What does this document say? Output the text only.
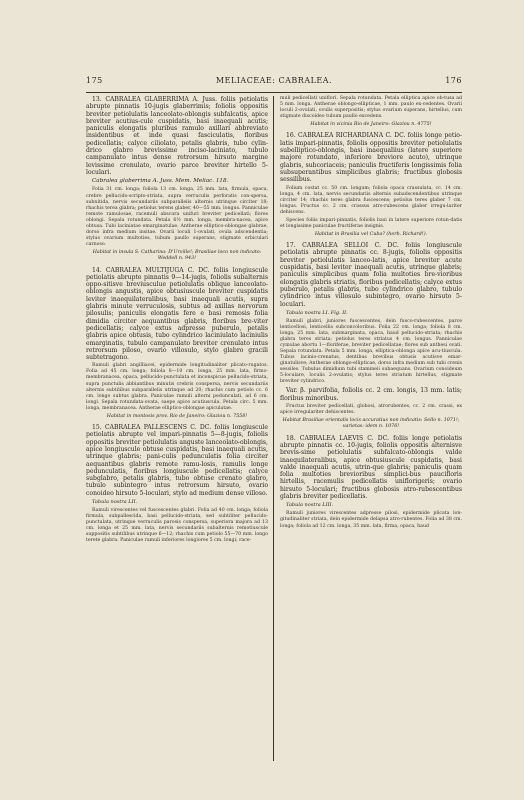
175	MELIACEAE: CABRALEA.	176

13. CABRALEA GLABERRIMA A. Juss. foliis petiolatis abrupte pinnatis 10-jugis glaberrimis; foliolis oppositis breviter petiolulatis lanceolato-oblongis subfalcatis, apice breviter acutius-cule cuspidatis, basi inaequali acutis; paniculis elongatis pluribus ramulo axillari abbreviato insidentibus et inde quasi fasciculatis, floribus pedicellatis; calyce ciliolato, petalis glabris, tubo cylin-drico glabro brevissime inciso-laciniato, tubulo campanulato intus dense retrorsum hirsuto margine levissime crenulato, ovario parce breviter hirtello 5-loculari.

Cabralea glaberrima A. Juss. Mem. Meliac. 118.

Folia 31 cm. longa; foliola 13 cm. longa, 25 mm. lata, firmula, opaca, crebre pellucido-scripto-striata, supra verruculis perforatis con-spersa, subnitida, nervis secundariis subparallelis alternis utrinque circiter 18; rhachis terea glabra; petiolus terens glaber, 40—55 mm. longus. Panniculae remote ramulosae, racemuli abscura unifuri breviter pedicellati; flores oblongi. Sepala rotundata. Petala 6½ mm. longa, membra-nacea, apice obtusa. Tubi laciniatae emarginatulae. Antherae elliptico-oblongae glabrae, dorso infra medium insitae. Ovarii loculi 1-ovulati, ovula adscendentia; stylus ovarium multoties, tubum paullo superans, stigmate orbiculari carnoso.

Habitat in insula S. Catharina: D'Urville!; Brasiliae loco non indicato: Weddell n. 943!

14. CABRALEA MULTIJUGA C. DC. foliis longiuscule petiolatis abrupte pinnatis 9—14-jugis, foliolis subalternis oppo-sitisve breviusculue petiolulatis oblique lanceolato-oblongis angustis, apice obtusiuscule breviter cuspidatis leviter inaequilateralibus, basi inaequali acutis, supra glabris minute verruculosis, subtus ad axillas nervorum pilosulis; paniculis elongatis fere e basi remosis folia dimidia circiter aequantibus glabris, floribus bre-viter pedicellatis; calyce extus adpresse puberulo, petalis glabris apice obtusis, tubo cylindrico laciniulato laciniulis emarginatis, tubulo campanulato breviter crenulato intus retrorsum piloso, ovario villosulo, stylo glabro gracili subtetragono.

Ramuli glabri angilliacei, epidermide longitudinaliter plicato-rugatos. Folia ad 45 cm. longa; foliola 8—10 cm. longa, 25 mm. lata, firmo-membranacea, opaca, pellucido-punctulata et inconspicue pellucido-striata, supra punctulis abbiantibus minutis crebris conspersa, nervis secundariis alternis subtilibus subparallelis utrinque ad 20; rhachis cum petiolo cc. 6 cm. longo subtus glabra. Paniculae ramuli alterni pedunculati, ad 6 cm. longi. Sepala rotundata-ovata, saepe apice acutiuscula. Petala circ. 5 mm. longa, membranacea. Antherae elliptico-oblongae apiculatae.

Habitat in montosis prov. Rio de Janeiro: Glaziou n. 7558!

15. CABRALEA PALLESCENS C. DC. foliis longiuscule petiolatis abrupte vel impari-pinnatis 5—8-jugis, foliolis oppositis breviter petiolulatis anguste lanceolato-oblongis, apice longiuscule obtuse cuspidatis, basi inaequali acutis, utrinque glabris; pani-culis pedunculatis folia circiter aequantibus glabris remote ramu-losis, ramulis longe pedunculatis, floribus longiuscule pedicellatis; calyce subglabro, petalis glabris, tubo obtuse crenato glabro, tubulo subintegro intus retrorsum hirsuto, ovario conoideo hirsuto 5-loculari, stylo ad medium dense villoso.

Tabula nostra LII.

Ramuli virescentes vel fuscescentes glabri. Folia ad 40 cm. longa; foliola firmula, subpallescida, basi pellucido-striata, sed subtiliter pellucido-punctulata, utrinque verruculis parosis conspersa, superiora majora ad 13 cm. longa et 25 mm. lata, nervis secundariis subalternis remotiuscule suppositis subtilibus utrinque 6—12; rhachis cum petiolo 55—70 mm. longo terete glabra. Paniculae ramuli inferiores longiores 5 cm. longi; race-

muli pedicellati uniflori. Sepala rotundata. Petala elliptica apice ob-tusa ad 5 mm. longa. Antherae oblongo-ellipticae, 1 mm. paulo ex-cedentes. Ovarii loculi 2-ovulati, ovulis superpositis; stylus ovarium superans, hirtellus, cum stigmate discoideo tubum paullo excedens.

Habitat in vicinia Rio de Janeiro: Glaziou n. 4775!

16. CABRALEA RICHARDIANA C. DC. foliis longe petio-latis impari-pinnatis, foliolis oppositis breviter petiolulatis subelliptico-oblongis, basi inaequaliius (latere superiore majore rotundato, inferiore breviore acuto), utrinque glabris, subcoriaceis; paniculis fructiferis longissimis folia subsuperantibus simplicibus glabris; fructibus globosis sessilibus.

Folium costat cc. 50 cm. longum; foliola opaca crassulata, cc. 14 cm. longa, 4 cm. lata, nervis secundariis alternis subadscendentibus utrinque circiter 14; rhachis teres glabra fuscescens; petiolus teres glaber 7 cm. longus. Fructus cc. 2 cm. crassus atro-rubescens glaber irregu-lariter dehiscens.

Species foliis impari-pinnatis, foliolis basi in latere superiore rotun-datis et longissime paniculae fructiferae insignis.

Habitat in Brasilia vel Cuba? (herb. Richard!).

17. CABRALEA SELLOI C. DC. foliis longiuscule petiolatis abrupte pinnatis cc. 8-jugis, foliolis oppositis breviter petiolulatis lanceo-latis, apice breviter acute cuspidatis, basi leviter inaequali acutis, utrinque glabris; paniculis simplicibus quam folia multoties bre-vioribus elongatis glabris striatis, floribus pedicellatis; calyce extus puberulo, petalis glabris, tubo cylindrico glabro, tubulo cylindrico intus villosulo subintegro, ovario hirsuto 5-loculari.

Tabula nostra LI. Fig. II.

Ramuli glabri, juniores fuscescentes, dein fusco-rubescentes, parce lenticellosi, lenticellis subconcoloribus. Folia 22 cm. longa; foliola 8 cm. longa, 25 mm. lata, submarginata, opaca, haud pellucido-striata; rhachis glabra teres striata; petiolus teres striatus 4 cm. longus. Panniculae cymulae abortu 1—floriferae, breviter pedicellatae; flores sub anthesi ovati. Sepala rotundata. Petala 5 mm. longa, elliptica-oblonga apice acu-tiuscula. Tubus lacinio-crenatus, dentibus brevibus obtusis acutisve emar-ginatulisve; Antherae oblongo-ellipticae, dorso infra medium sub tubi crenis sessiles. Tubulus dimidium tubi stamineii subaequans. Ovarium conoideum 5-loculare, loculis 2-ovulatis; stylus teres striatum hirtellus, stigmate breviter cylindrico.

Var. β. parvifolia, foliolis cc. 2 cm. longis, 13 mm. latis; floribus minoribus.

Fructus breviter pedicellati, globosi, atrorubentes, cc. 2 cm. crassi, ex apice irregulariter dehiscentes.

Habitat Brasiliae orientalis locis accuratius non indicatis: Sello n. 1071!; varietas: idem n. 1076!

18. CABRALEA LAEVIS C. DC. foliis longe petiolatis abrupte pinnatis cc. 10-jugis, foliolis oppositis alternisve brevis-sime petiolulatis subfalcato-oblongis valde inaequilateralibus, apice obtusiuscule cuspidatis, basi valde inaequali acutis, utrin-que glabris; paniculis quam folia multoties brevioribus simplici-bus pauciflorìs hirtellis, racemulis pedicellatis uniflorigeris; ovario hirsuto 5-loculari; fructibus globosis atro-rubescentibus glabris breviter pedicellatis.

Tabula nostra LIII.

Ramuli juniores virescentes adpresse pilosi, epidermide plicata lon-gitudinaliter striata, dein epidermide delapsa atro-rubentes. Folia ad 38 cm. longa; foliola ad 12 cm. longa, 35 mm. lata, firma, opaca, haud
